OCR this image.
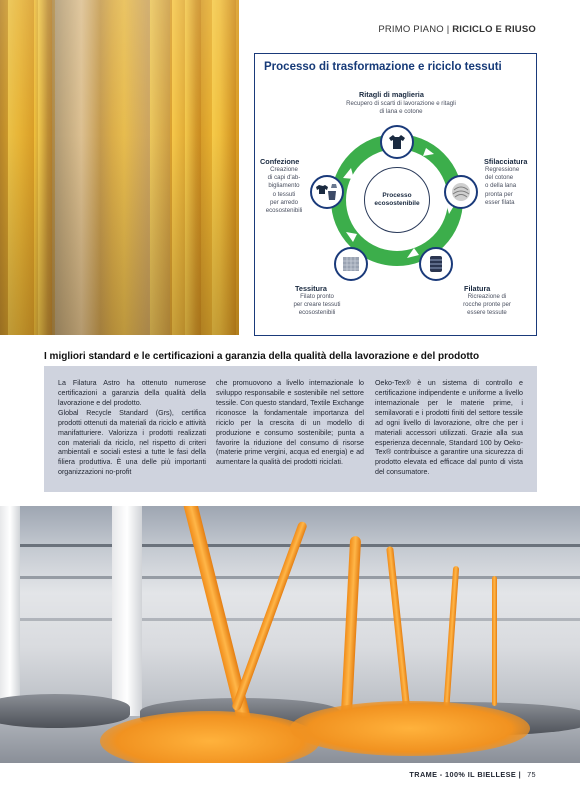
PRIMO PIANO | RICICLO E RIUSO
Processo di trasformazione e riciclo tessuti
Processo
ecosostenibile
Ritagli di maglieria
Recupero di scarti di lavorazione e ritagli
di lana e cotone
Sfilacciatura
Regressione
del cotone
o della lana
pronta per
esser filata
Filatura
Ricreazione di
rocche pronte per
essere tessute
Tessitura
Filato pronto
per creare tessuti
ecosostenibili
Confezione
Creazione
di capi d'ab-
bigliamento
o tessuti
per arredo
ecosostenibili
I migliori standard e le certificazioni a garanzia della qualità della lavorazione e del prodotto
La Filatura Astro ha ottenuto numerose certificazioni a garanzia della qualità della lavorazione e del prodotto.
Global Recycle Standard (Grs), certifica prodotti ottenuti da materiali da riciclo e attività manifatturiere. Valorizza i prodotti realizzati con materiali da riciclo, nel rispetto di criteri ambientali e sociali estesi a tutte le fasi della filiera produttiva. È una delle più importanti organizzazioni no-profit
che promuovono a livello internazionale lo sviluppo responsabile e sostenibile nel settore tessile. Con questo standard, Textile Exchange riconosce la fondamentale importanza del riciclo per la crescita di un modello di produzione e consumo sostenibile; punta a favorire la riduzione del consumo di risorse (materie prime vergini, acqua ed energia) e ad aumentare la qualità dei prodotti riciclati.
Oeko-Tex® è un sistema di controllo e certificazione indipendente e uniforme a livello internazionale per le materie prime, i semilavorati e i prodotti finiti del settore tessile ad ogni livello di lavorazione, oltre che per i materiali accessori utilizzati. Grazie alla sua esperienza decennale, Standard 100 by Oeko-Tex® contribuisce a garantire una sicurezza di prodotto elevata ed efficace dal punto di vista del consumatore.
TRAME - 100% IL BIELLESE | 75
